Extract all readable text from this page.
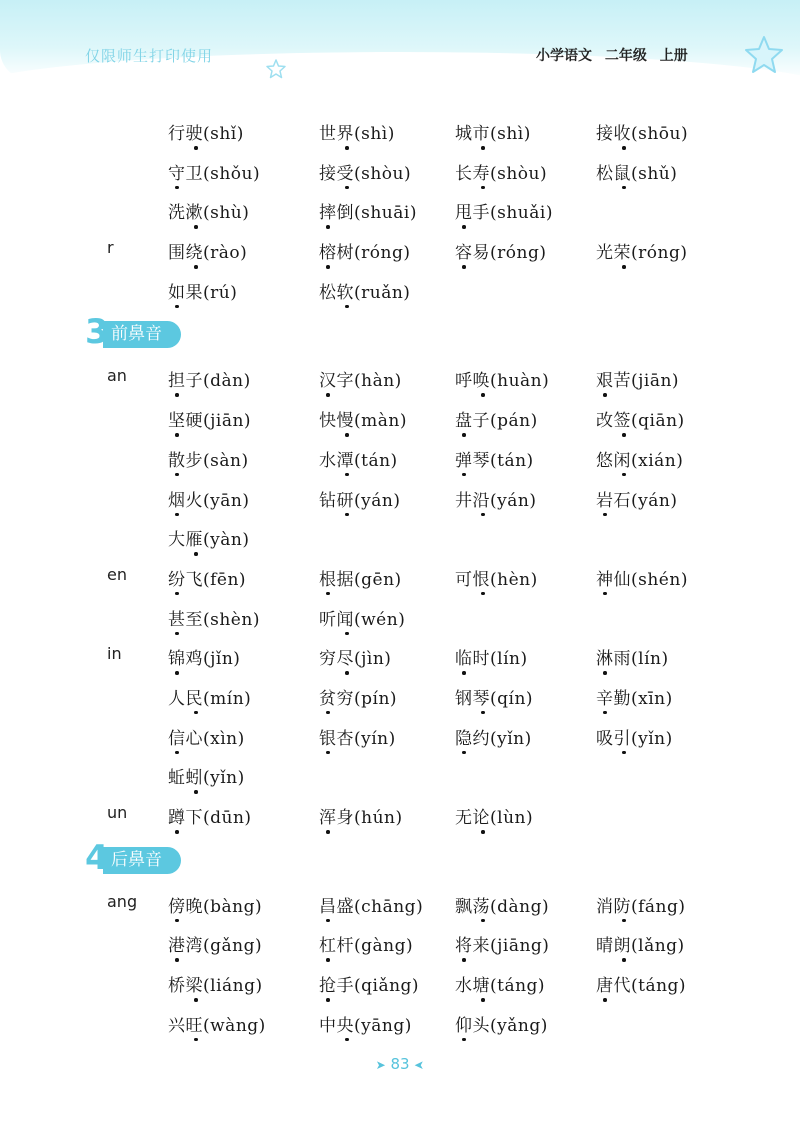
仅限师生打印使用	小学语文 二年级 上册
行驶(shǐ)	世界(shì)	城市(shì)	接收(shōu)
守卫(shǒu)	接受(shòu)	长寿(shòu)	松鼠(shǔ)
洗漱(shù)	摔倒(shuāi) 甩手(shuǎi)
r	围绕(rào)	榕树(róng)	容易(róng)	光荣(róng)
如果(rú)	松软(ruǎn)
前鼻音
3
an 担子(dàn)	汉字(hàn)	呼唤(huàn)	艰苦(jiān)
坚硬(jiān)	快慢(màn)	盘子(pán)	改签(qiān)
散步(sàn)	水潭(tán)	弹琴(tán)	悠闲(xián)
烟火(yān)	钻研(yán)	井沿(yán)	岩石(yán)
大雁(yàn)
en 纷飞(fēn)	根据(gēn)	可恨(hèn)	神仙(shén)
甚至(shèn)	听闻(wén)
in	锦鸡(jǐn)	穷尽(jìn)	临时(lín)	淋雨(lín)
人民(mín)	贫穷(pín)	钢琴(qín)	辛勤(xīn)
信心(xìn)	银杏(yín)	隐约(yǐn)	吸引(yǐn)
蚯蚓(yǐn)
un 蹲下(dūn)	浑身(hún)	无论(lùn)
后鼻音
4
ang 傍晚(bàng)	昌盛(chāng) 飘荡(dàng)	消防(fáng)
港湾(gǎng)	杠杆(gàng) 将来(jiāng)	晴朗(lǎng)
桥梁(liáng)	抢手(qiǎng) 水塘(táng)	唐代(táng)
兴旺(wàng)	中央(yāng)	仰头(yǎng)
➤ 83 ➤
